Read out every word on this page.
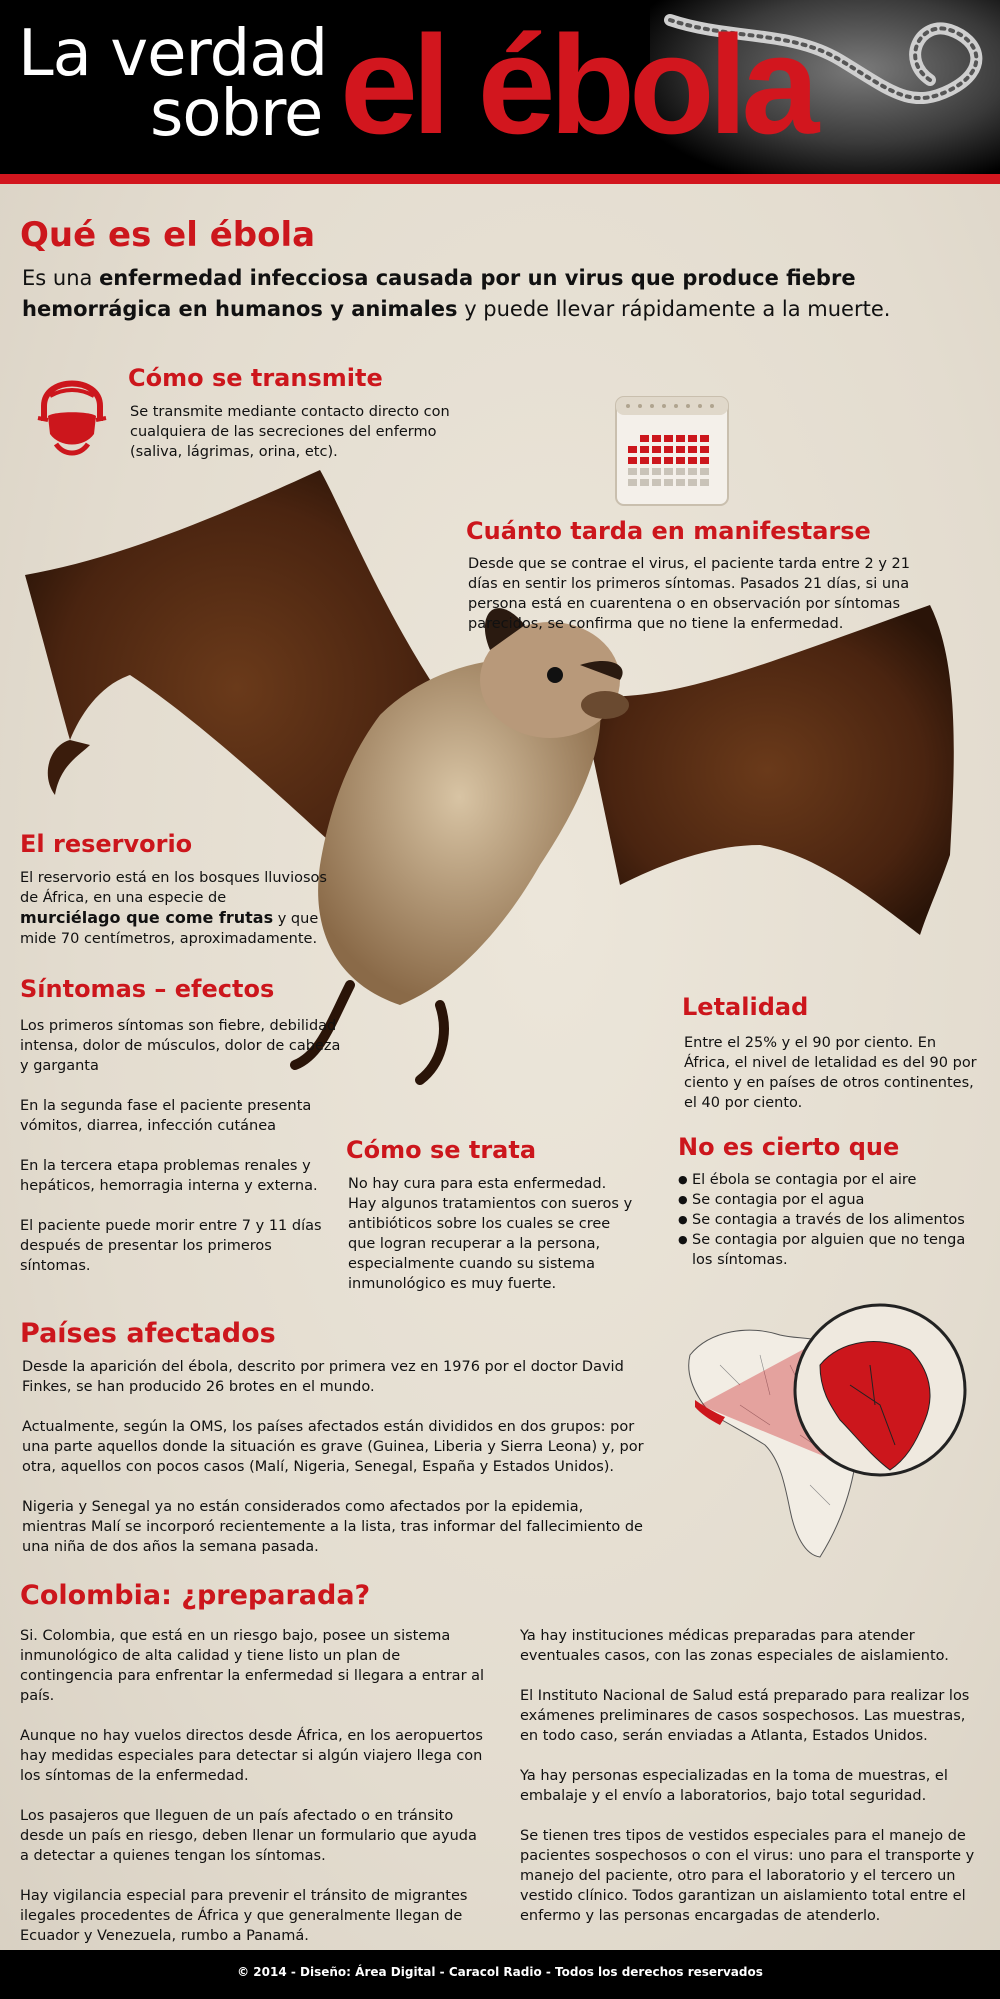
La verdad
sobre el ébola
Qué es el ébola
Es una enfermedad infecciosa causada por un virus que produce fiebre hemorrágica en humanos y animales y puede llevar rápidamente a la muerte.
Cómo se transmite
Se transmite mediante contacto directo con cualquiera de las secreciones del enfermo (saliva, lágrimas, orina, etc).
Cuánto tarda en manifestarse
Desde que se contrae el virus, el paciente tarda entre 2 y 21 días en sentir los primeros síntomas. Pasados 21 días, si una persona está en cuarentena o en observación por síntomas parecidos, se confirma que no tiene la enfermedad.
El reservorio
El reservorio está en los bosques lluviosos de África, en una especie de murciélago que come frutas y que mide 70 centímetros, aproximadamente.
Síntomas – efectos

Los primeros síntomas son fiebre, debilidad intensa, dolor de músculos, dolor de cabeza y garganta

En la segunda fase el paciente presenta vómitos, diarrea, infección cutánea

En la tercera etapa problemas renales y hepáticos, hemorragia interna y externa.

El paciente puede morir entre 7 y 11 días después de presentar los primeros síntomas.

Cómo se trata
No hay cura para esta enfermedad. Hay algunos tratamientos con sueros y antibióticos sobre los cuales se cree que logran recuperar a la persona, especialmente cuando su sistema inmunológico es muy fuerte.
Letalidad
Entre el 25% y el 90 por ciento. En África, el nivel de letalidad es del 90 por ciento y en países de otros continentes, el 40 por ciento.
No es cierto que
● El ébola se contagia por el aire
● Se contagia por el agua
● Se contagia a través de los alimentos
● Se contagia por alguien que no tenga los síntomas.
Países afectados

Desde la aparición del ébola, descrito por primera vez en 1976 por el doctor David Finkes, se han producido 26 brotes en el mundo.

Actualmente, según la OMS, los países afectados están divididos en dos grupos: por una parte aquellos donde la situación es grave (Guinea, Liberia y Sierra Leona) y, por otra, aquellos con pocos casos (Malí, Nigeria, Senegal, España y Estados Unidos).

Nigeria y Senegal ya no están considerados como afectados por la epidemia, mientras Malí se incorporó recientemente a la lista, tras informar del fallecimiento de una niña de dos años la semana pasada.

Colombia: ¿preparada?

Si. Colombia, que está en un riesgo bajo, posee un sistema inmunológico de alta calidad y tiene listo un plan de contingencia para enfrentar la enfermedad si llegara a entrar al país.

Aunque no hay vuelos directos desde África, en los aeropuertos hay medidas especiales para detectar si algún viajero llega con los síntomas de la enfermedad.

Los pasajeros que lleguen de un país afectado o en tránsito desde un país en riesgo, deben llenar un formulario que ayuda a detectar a quienes tengan los síntomas.

Hay vigilancia especial para prevenir el tránsito de migrantes ilegales procedentes de África y que generalmente llegan de Ecuador y Venezuela, rumbo a Panamá.

Ya hay instituciones médicas preparadas para atender eventuales casos, con las zonas especiales de aislamiento.

El Instituto Nacional de Salud está preparado para realizar los exámenes preliminares de casos sospechosos. Las muestras, en todo caso, serán enviadas a Atlanta, Estados Unidos.

Ya hay personas especializadas en la toma de muestras, el embalaje y el envío a laboratorios, bajo total seguridad.

Se tienen tres tipos de vestidos especiales para el manejo de pacientes sospechosos o con el virus: uno para el transporte y manejo del paciente, otro para el laboratorio y el tercero un vestido clínico. Todos garantizan un aislamiento total entre el enfermo y las personas encargadas de atenderlo.

© 2014 - Diseño: Área Digital - Caracol Radio - Todos los derechos reservados
